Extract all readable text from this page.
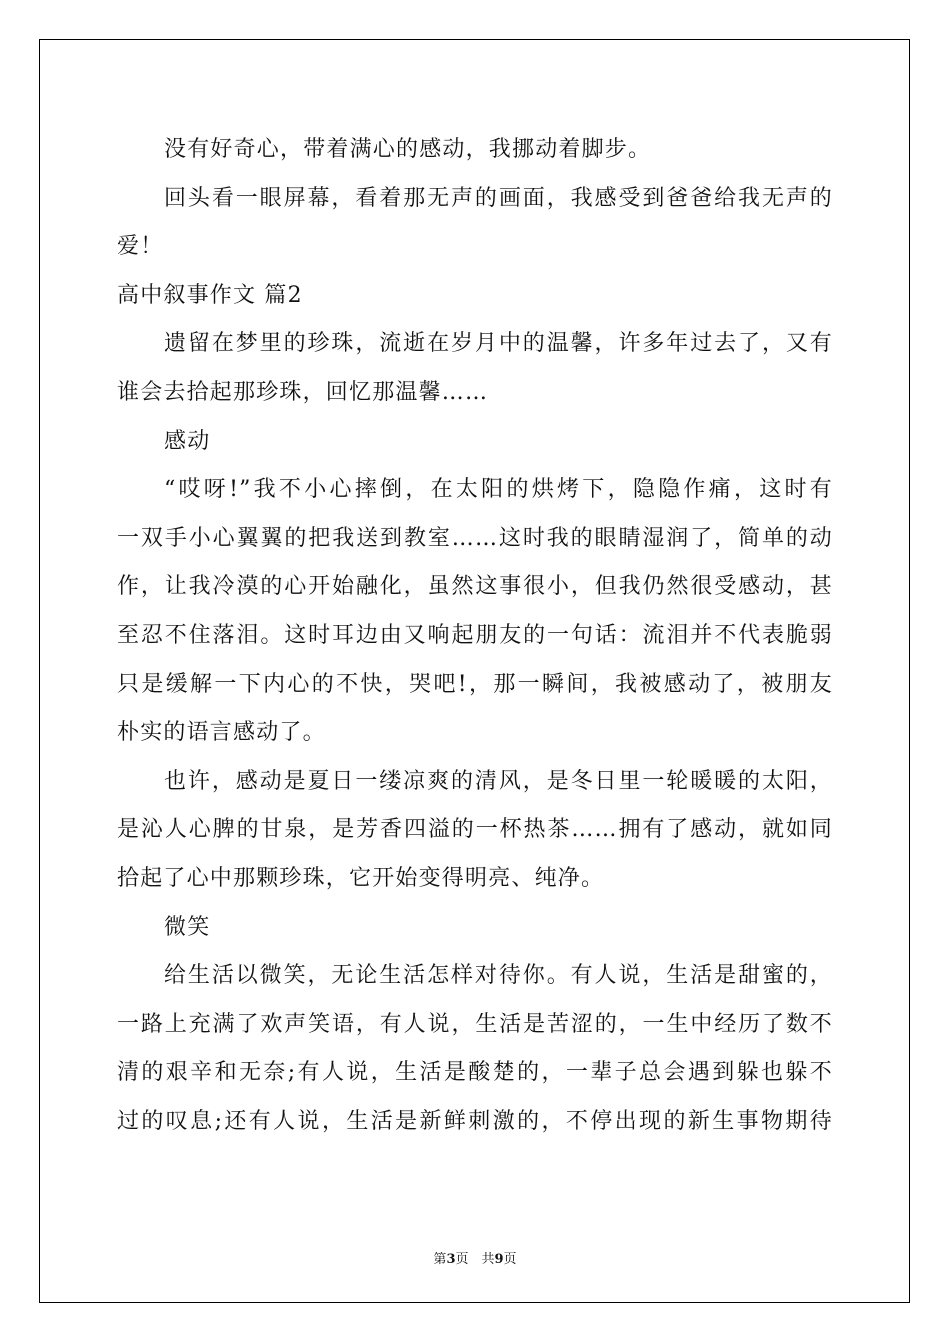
没有好奇心，带着满心的感动，我挪动着脚步。
回头看一眼屏幕，看着那无声的画面，我感受到爸爸给我无声的
爱！
高中叙事作文 篇2
遗留在梦里的珍珠，流逝在岁月中的温馨，许多年过去了，又有
谁会去拾起那珍珠，回忆那温馨……
感动
“哎呀!”我不小心摔倒，在太阳的烘烤下，隐隐作痛，这时有
一双手小心翼翼的把我送到教室……这时我的眼睛湿润了，简单的动
作，让我冷漠的心开始融化，虽然这事很小，但我仍然很受感动，甚
至忍不住落泪。这时耳边由又响起朋友的一句话：流泪并不代表脆弱
只是缓解一下内心的不快，哭吧!，那一瞬间，我被感动了，被朋友
朴实的语言感动了。
也许，感动是夏日一缕凉爽的清风，是冬日里一轮暖暖的太阳，
是沁人心脾的甘泉，是芳香四溢的一杯热茶……拥有了感动，就如同
拾起了心中那颗珍珠，它开始变得明亮、纯净。
微笑
给生活以微笑，无论生活怎样对待你。有人说，生活是甜蜜的，
一路上充满了欢声笑语，有人说，生活是苦涩的，一生中经历了数不
清的艰辛和无奈;有人说，生活是酸楚的，一辈子总会遇到躲也躲不
过的叹息;还有人说，生活是新鲜刺激的，不停出现的新生事物期待
第3页　共9页
